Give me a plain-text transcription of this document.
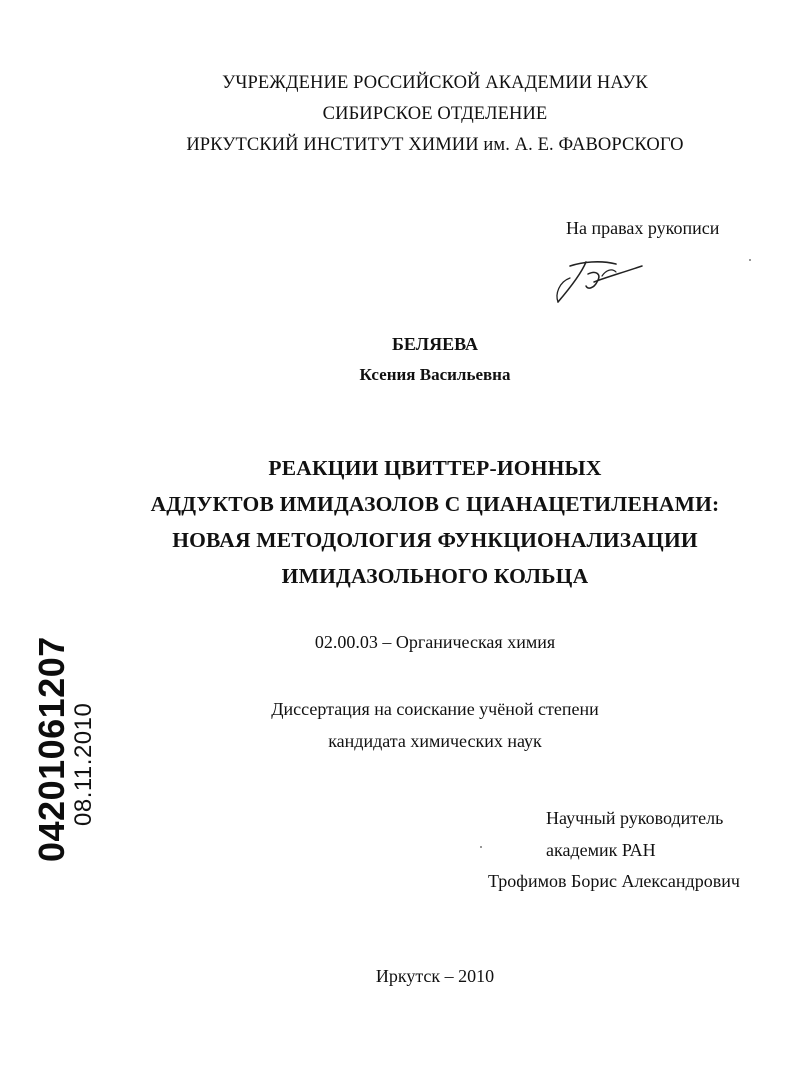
УЧРЕЖДЕНИЕ РОССИЙСКОЙ АКАДЕМИИ НАУК
СИБИРСКОЕ ОТДЕЛЕНИЕ
ИРКУТСКИЙ ИНСТИТУТ ХИМИИ им. А. Е. ФАВОРСКОГО
На правах рукописи
БЕЛЯЕВА
Ксения Васильевна
РЕАКЦИИ ЦВИТТЕР-ИОННЫХ
АДДУКТОВ ИМИДАЗОЛОВ С ЦИАНАЦЕТИЛЕНАМИ:
НОВАЯ МЕТОДОЛОГИЯ ФУНКЦИОНАЛИЗАЦИИ
ИМИДАЗОЛЬНОГО КОЛЬЦА
02.00.03 – Органическая химия
Диссертация на соискание учёной степени
кандидата химических наук
Научный руководитель
академик РАН
Трофимов Борис Александрович
Иркутск – 2010
04201061207
08.11.2010
